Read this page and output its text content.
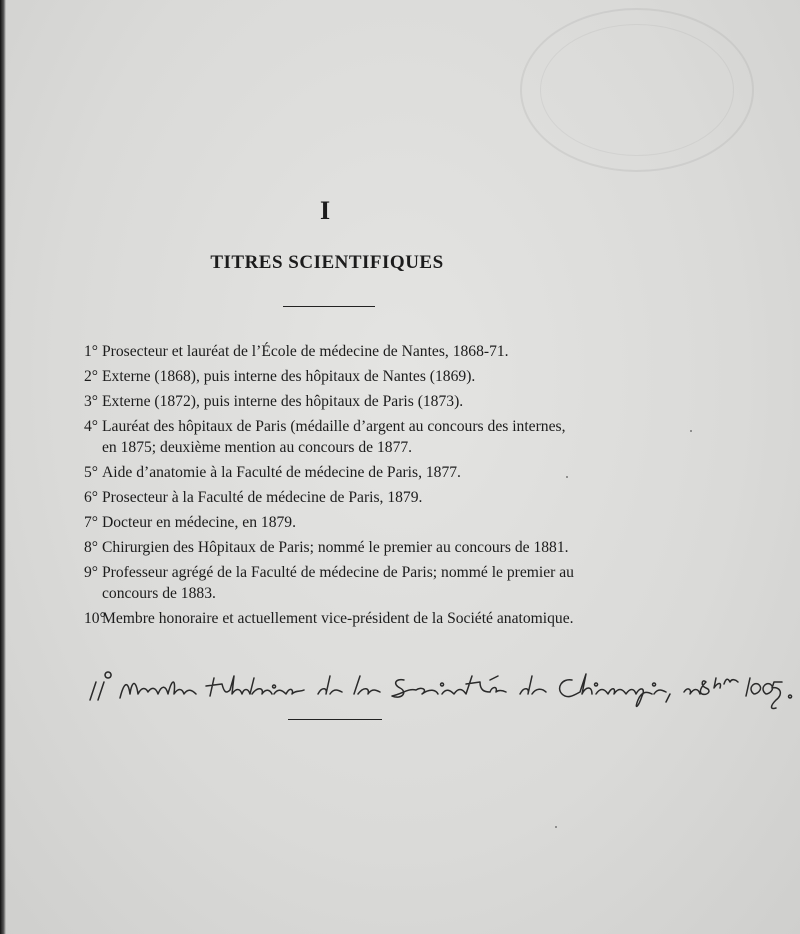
I
TITRES SCIENTIFIQUES
1° Prosecteur et lauréat de l’École de médecine de Nantes, 1868-71.
2° Externe (1868), puis interne des hôpitaux de Nantes (1869).
3° Externe (1872), puis interne des hôpitaux de Paris (1873).
4° Lauréat des hôpitaux de Paris (médaille d’argent au concours des internes, en 1875; deuxième mention au concours de 1877.
5° Aide d’anatomie à la Faculté de médecine de Paris, 1877.
6° Prosecteur à la Faculté de médecine de Paris, 1879.
7° Docteur en médecine, en 1879.
8° Chirurgien des Hôpitaux de Paris; nommé le premier au concours de 1881.
9° Professeur agrégé de la Faculté de médecine de Paris; nommé le premier au concours de 1883.
10°
Membre honoraire et actuellement vice-président de la Société anatomique.
